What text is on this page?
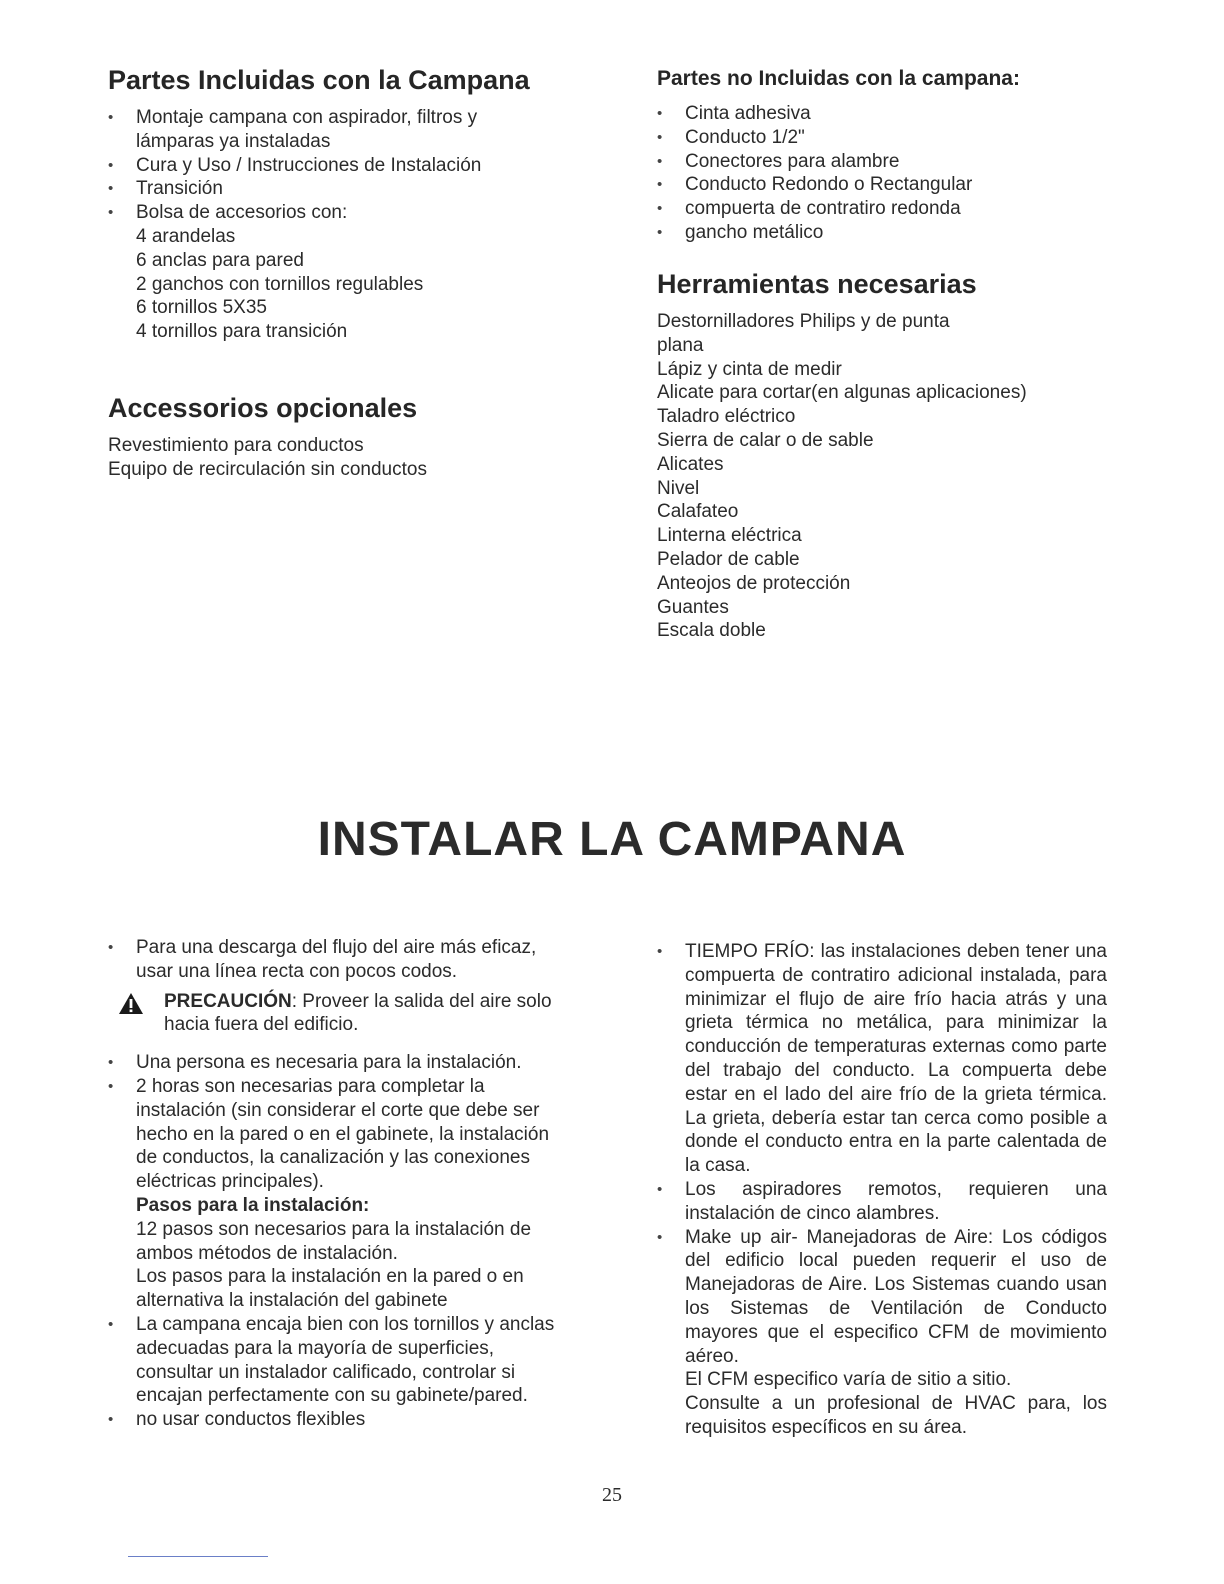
Partes Incluidas con la Campana
• Montaje campana con aspirador, filtros y
lámparas ya instaladas
• Cura y Uso / Instrucciones de Instalación
• Transición
• Bolsa de accesorios con:
4 arandelas
6 anclas para pared
2 ganchos con tornillos regulables
6 tornillos 5X35
4 tornillos para transición
Accessorios opcionales
Revestimiento para conductos
Equipo de recirculación sin conductos
Partes no Incluidas con la campana:
• Cinta adhesiva
• Conducto 1/2"
• Conectores para alambre
• Conducto Redondo o Rectangular
• compuerta de contratiro redonda
• gancho metálico
Herramientas necesarias
Destornilladores Philips y de punta
plana
Lápiz y cinta de medir
Alicate para cortar(en algunas aplicaciones)
Taladro eléctrico
Sierra de calar o de sable
Alicates
Nivel
Calafateo
Linterna eléctrica
Pelador de cable
Anteojos de protección
Guantes
Escala doble
INSTALAR LA CAMPANA
• Para una descarga del flujo del aire más eficaz, usar una línea recta con pocos codos.
PRECAUCIÓN: Proveer la salida del aire solo hacia fuera del edificio.
• Una persona es necesaria para la instalación.
• 2 horas son necesarias para completar la instalación (sin considerar el corte que debe ser hecho en la pared o en el gabinete, la instalación de conductos, la canalización y las conexiones eléctricas principales).
Pasos para la instalación:
12 pasos son necesarios para la instalación de ambos métodos de instalación.
Los pasos para la instalación en la pared o en alternativa la instalación del gabinete
• La campana encaja bien con los tornillos y anclas adecuadas para la mayoría de superficies, consultar un instalador calificado, controlar si encajan perfectamente con su gabinete/pared.
• no usar conductos flexibles
• TIEMPO FRÍO: las instalaciones deben tener una compuerta de contratiro adicional instalada, para minimizar el flujo de aire frío hacia atrás y una grieta térmica no metálica, para minimizar la conducción de temperaturas externas como parte del trabajo del conducto. La compuerta debe estar en el lado del aire frío de la grieta térmica. La grieta, debería estar tan cerca como posible a donde el conducto entra en la parte calentada de la casa.
• Los aspiradores remotos, requieren una instalación de cinco alambres.
• Make up air- Manejadoras de Aire: Los códigos del edificio local pueden requerir el uso de Manejadoras de Aire. Los Sistemas cuando usan los Sistemas de Ventilación de Conducto mayores que el especifico CFM de movimiento aéreo.
El CFM especifico varía de sitio a sitio.
Consulte a un profesional de HVAC para, los requisitos específicos en su área.
25
